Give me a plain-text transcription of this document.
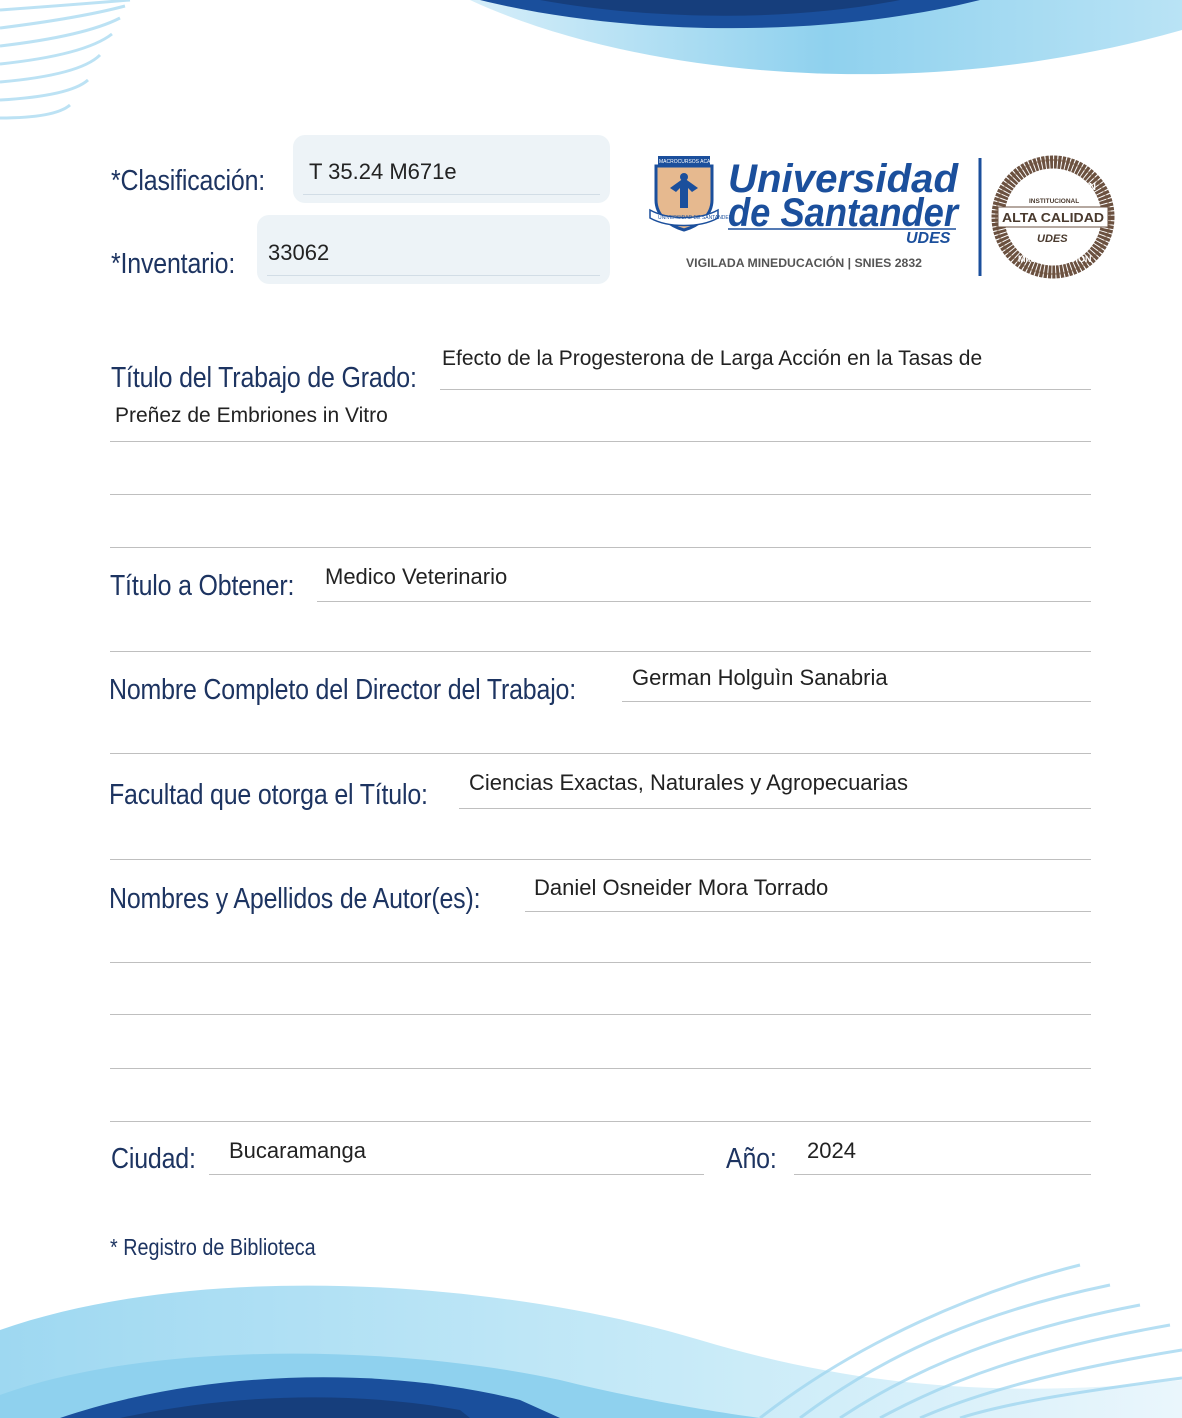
*Clasificación: T 35.24 M671e
*Inventario: 33062
MACROCURSOS ACADÉMICOS
UNIVERSIDAD DE SANTANDER
Universidad
de Santander
UDES
VIGILADA MINEDUCACIÓN | SNIES 2832
ACREDITACIÓN
INSTITUCIONAL
ALTA CALIDAD
UDES
MIN EDUCACIÓN
Título del Trabajo de Grado:
Efecto de la Progesterona de Larga Acción en la Tasas de
Preñez de Embriones in Vitro
Título a Obtener: Medico Veterinario
Nombre Completo del Director del Trabajo:	German Holguìn Sanabria
Facultad que otorga el Título: Ciencias Exactas, Naturales y Agropecuarias
Nombres y Apellidos de Autor(es): Daniel Osneider Mora Torrado
Ciudad: Bucaramanga	Año: 2024
* Registro de Biblioteca
